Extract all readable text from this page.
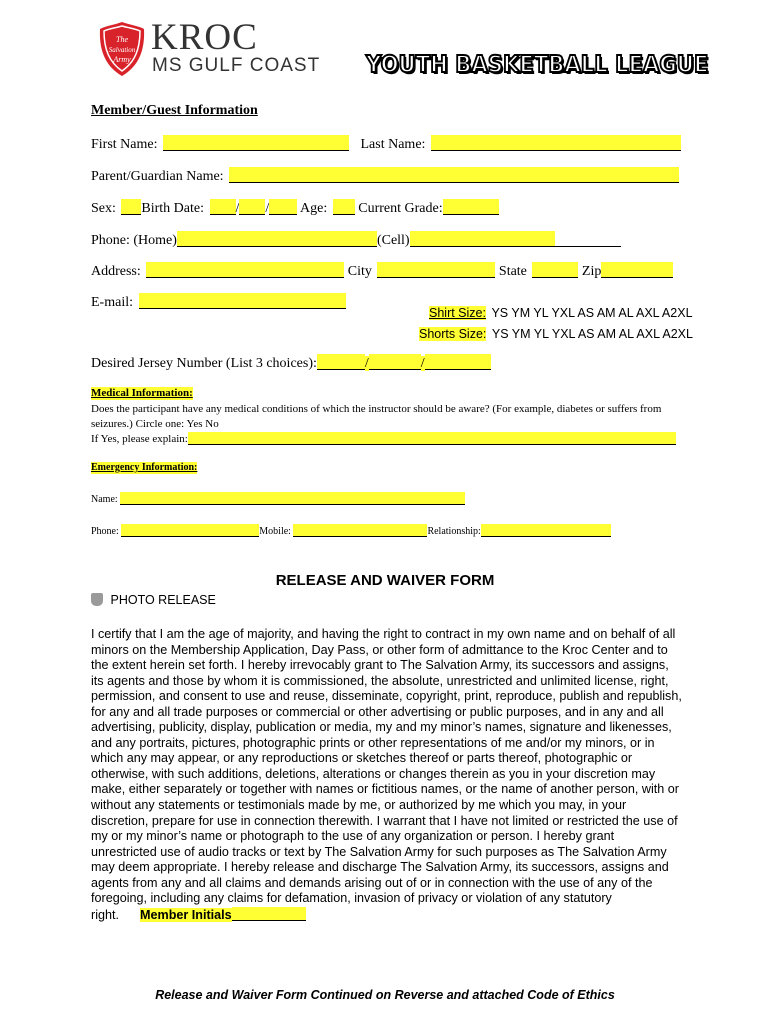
The
Salvation
Army
KROC
MS GULF COAST YOUTH BASKETBALL LEAGUE
Member/Guest Information
First Name:	Last Name:
Parent/Guardian Name:
Sex: Birth Date: / / Age: Current Grade:
Phone: (Home)	(Cell)
Address:	City	State	Zip
E-mail:
Shirt Size: YS YM YL YXL AS AM AL AXL A2XL
Shorts Size: YS YM YL YXL AS AM AL AXL A2XL
Desired Jersey Number (List 3 choices):	/	/
Medical Information:
Does the participant have any medical conditions of which the instructor should be aware? (For example, diabetes or suffers from
seizures.) Circle one: Yes No
If Yes, please explain:
Emergency Information:
Name:
Phone:	Mobile:	Relationship:
RELEASE AND WAIVER FORM
PHOTO RELEASE
I certify that I am the age of majority, and having the right to contract in my own name and on behalf of all minors on the Membership Application, Day Pass, or other form of admittance to the Kroc Center and to the extent herein set forth. I hereby irrevocably grant to The Salvation Army, its successors and assigns, its agents and those by whom it is commissioned, the absolute, unrestricted and unlimited license, right, permission, and consent to use and reuse, disseminate, copyright, print, reproduce, publish and republish, for any and all trade purposes or commercial or other advertising or public purposes, and in any and all advertising, publicity, display, publication or media, my and my minor’s names, signature and likenesses, and any portraits, pictures, photographic prints or other representations of me and/or my minors, or in which any may appear, or any reproductions or sketches thereof or parts thereof, photographic or otherwise, with such additions, deletions, alterations or changes therein as you in your discretion may make, either separately or together with names or fictitious names, or the name of another person, with or without any statements or testimonials made by me, or authorized by me which you may, in your discretion, prepare for use in connection therewith. I warrant that I have not limited or restricted the use of my or my minor’s name or photograph to the use of any organization or person. I hereby grant unrestricted use of audio tracks or text by The Salvation Army for such purposes as The Salvation Army may deem appropriate. I hereby release and discharge The Salvation Army, its successors, assigns and agents from any and all claims and demands arising out of or in connection with the use of any of the foregoing, including any claims for defamation, invasion of privacy or violation of any statutory right. Member Initials
Release and Waiver Form Continued on Reverse and attached Code of Ethics
